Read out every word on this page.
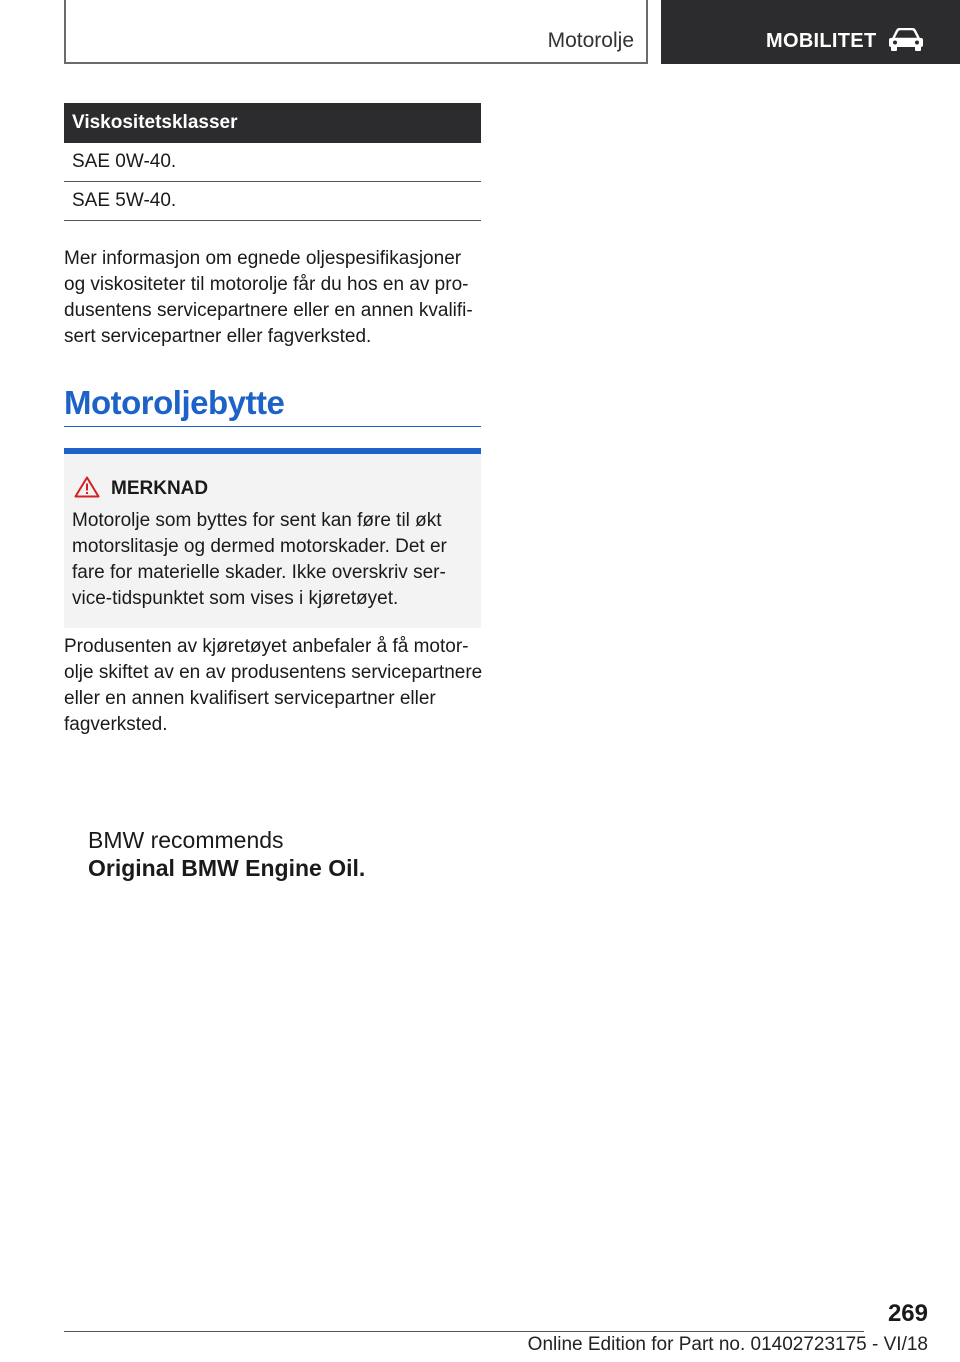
Motorolje	MOBILITET
Viskositetsklasser
SAE 0W-40.
SAE 5W-40.

Mer informasjon om egnede oljespesifikasjoner og viskositeter til motorolje får du hos en av produsentens servicepartnere eller en annen kvalifisert servicepartner eller fagverksted.

Motoroljebytte
MERKNAD

Motorolje som byttes for sent kan føre til økt motorslitasje og dermed motorskader. Det er fare for materielle skader. Ikke overskriv service-tidspunktet som vises i kjøretøyet.

Produsenten av kjøretøyet anbefaler å få motorolje skiftet av en av produsentens servicepartnere eller en annen kvalifisert servicepartner eller fagverksted.

BMW recommends
Original BMW Engine Oil.
269
Online Edition for Part no. 01402723175 - VI/18
